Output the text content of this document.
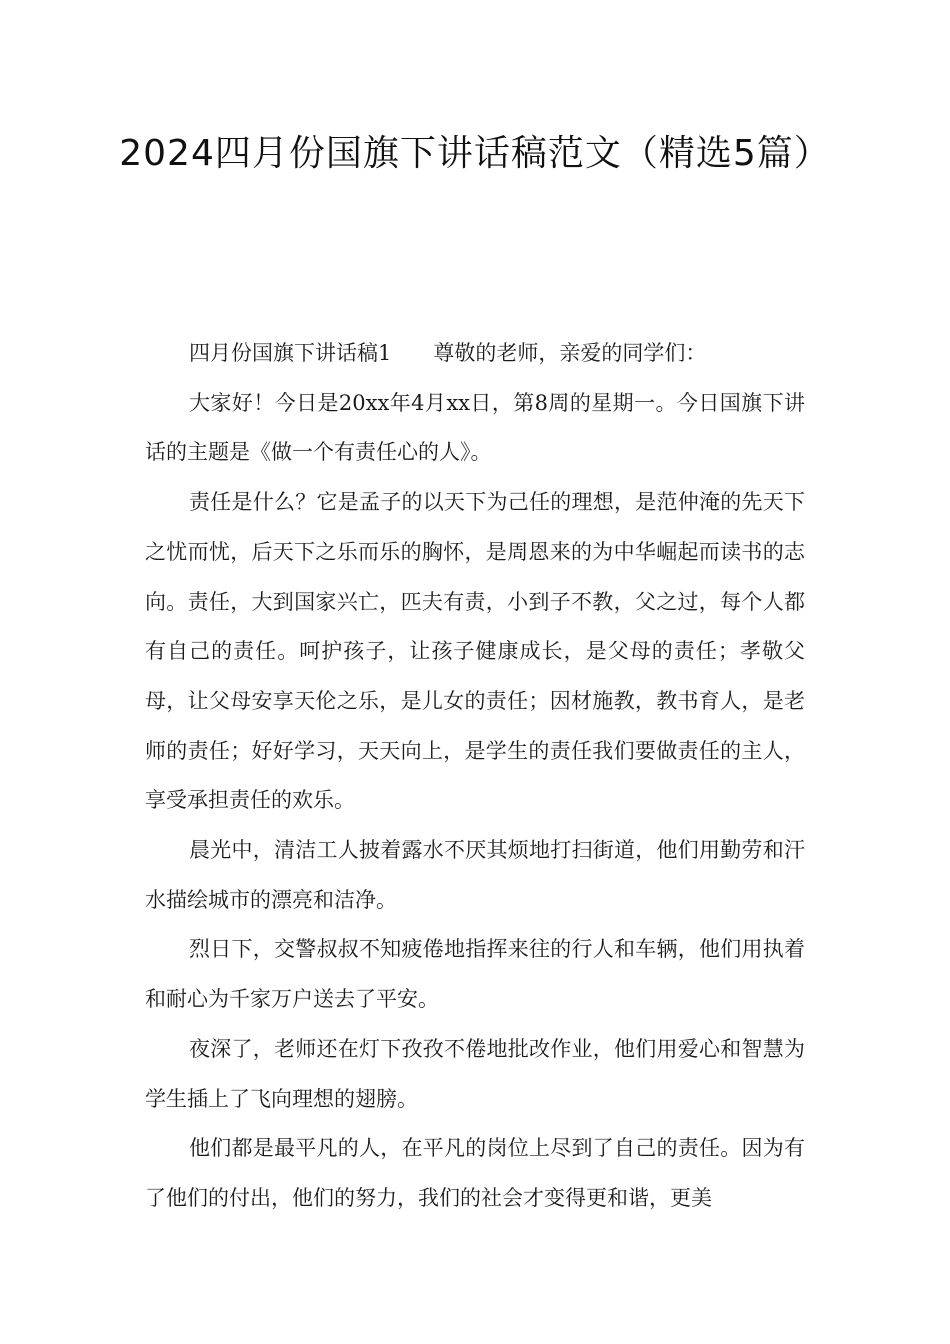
2024四月份国旗下讲话稿范文（精选5篇）

四月份国旗下讲话稿1 尊敬的老师，亲爱的同学们：

大家好！今日是20xx年4月xx日，第8周的星期一。今日国旗下讲话的主题是《做一个有责任心的人》。

责任是什么？它是孟子的以天下为己任的理想，是范仲淹的先天下之忧而忧，后天下之乐而乐的胸怀，是周恩来的为中华崛起而读书的志向。责任，大到国家兴亡，匹夫有责，小到子不教，父之过，每个人都有自己的责任。呵护孩子，让孩子健康成长，是父母的责任；孝敬父母，让父母安享天伦之乐，是儿女的责任；因材施教，教书育人，是老师的责任；好好学习，天天向上，是学生的责任我们要做责任的主人，享受承担责任的欢乐。

晨光中，清洁工人披着露水不厌其烦地打扫街道，他们用勤劳和汗水描绘城市的漂亮和洁净。

烈日下，交警叔叔不知疲倦地指挥来往的行人和车辆，他们用执着和耐心为千家万户送去了平安。

夜深了，老师还在灯下孜孜不倦地批改作业，他们用爱心和智慧为学生插上了飞向理想的翅膀。

他们都是最平凡的人，在平凡的岗位上尽到了自己的责任。因为有了他们的付出，他们的努力，我们的社会才变得更和谐，更美
